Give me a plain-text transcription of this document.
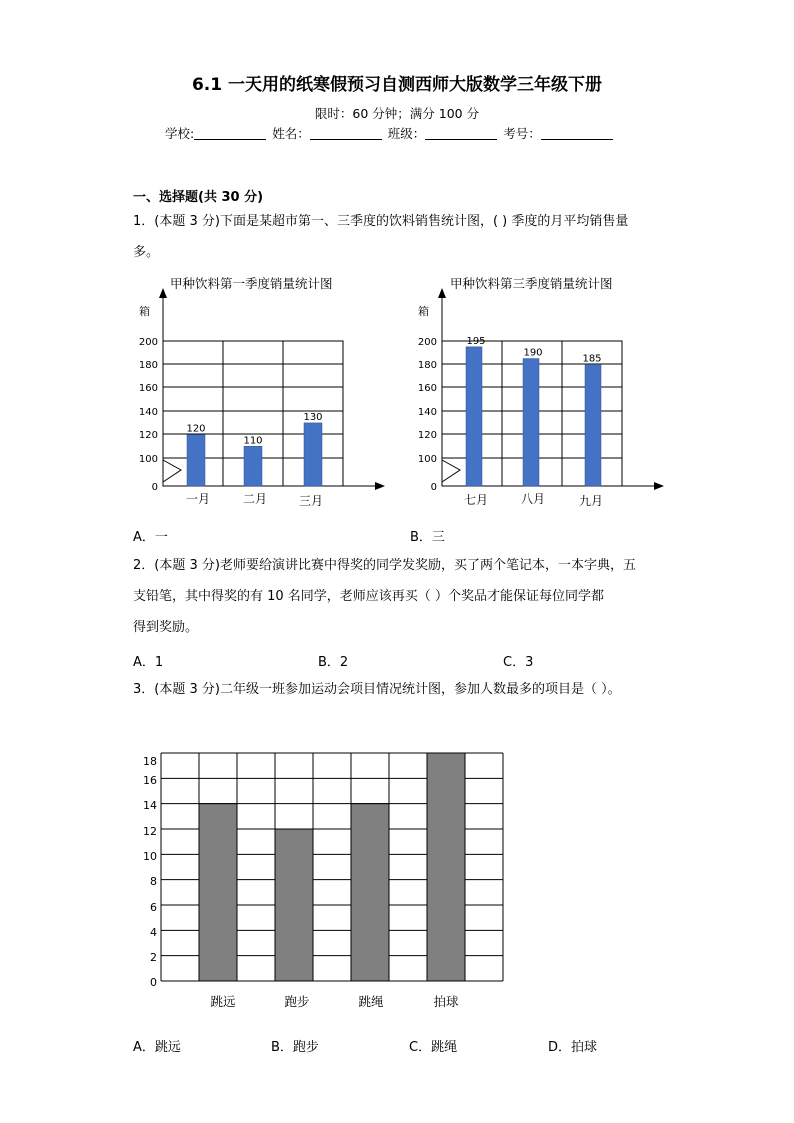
6.1 一天用的纸寒假预习自测西师大版数学三年级下册
限时：60 分钟；满分 100 分
学校:	姓名：	班级：	考号：
一、选择题(共 30 分)
1．(本题 3 分)下面是某超市第一、三季度的饮料销售统计图，( ) 季度的月平均销售量
多。
甲种饮料第一季度销量统计图
箱
0
100
120
140
160
180
200
120
110
130
一月	二月	三月
甲种饮料第三季度销量统计图
箱
0
100
120
140
160
180
200	195
190
185
七月	八月	九月
A．一	B．三
2．(本题 3 分)老师要给演讲比赛中得奖的同学发奖励，买了两个笔记本，一本字典，五
支铅笔，其中得奖的有 10 名同学，老师应该再买（ ）个奖品才能保证每位同学都
得到奖励。
A．1	B．2	C．3
3．(本题 3 分)二年级一班参加运动会项目情况统计图，参加人数最多的项目是（ ）。
0
2
4
6
8
10
12
14
16
18
跳远	跑步	跳绳	拍球
A．跳远	B．跑步	C．跳绳	D．拍球
